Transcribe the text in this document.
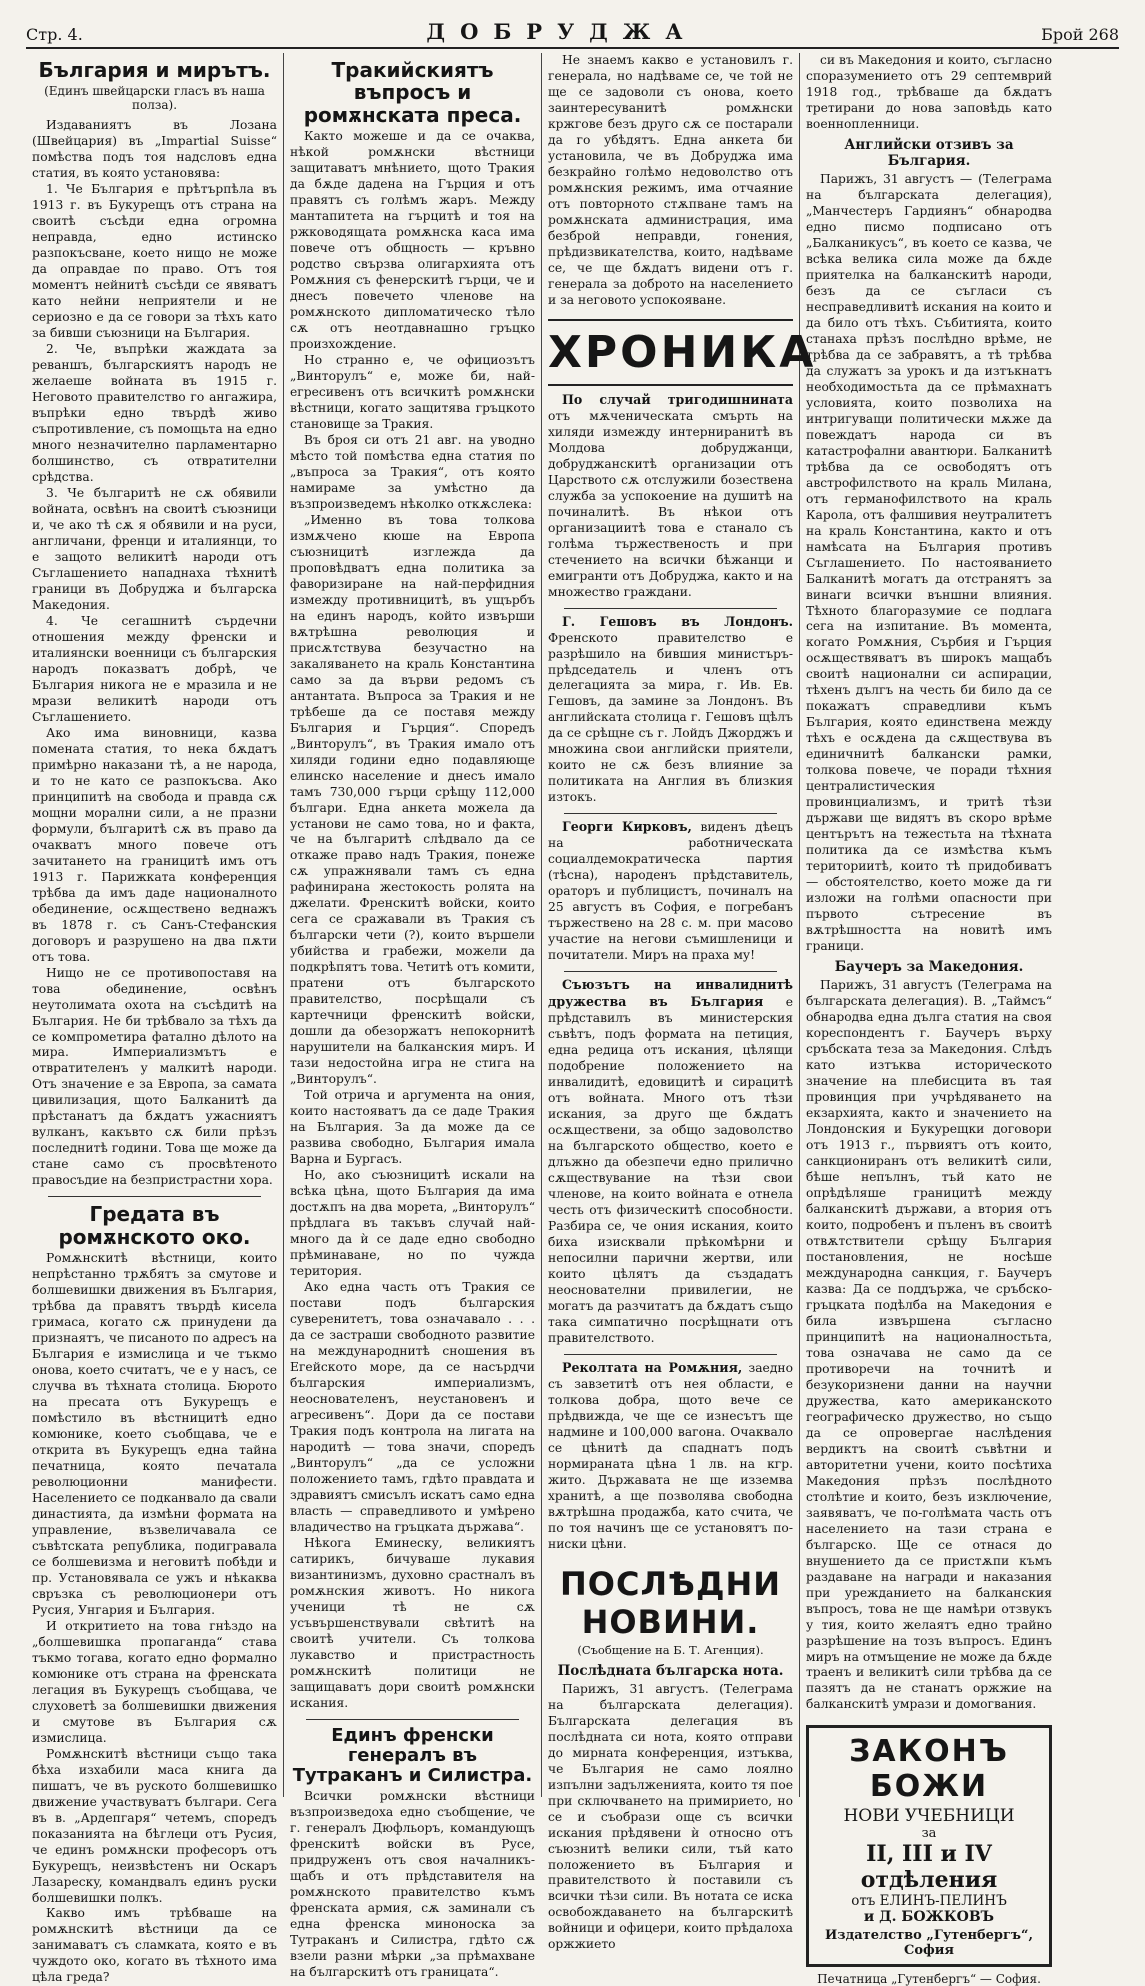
Стр. 4.	ДОБРУДЖА	Брой 268
България и мирътъ.
(Единъ швейцарски гласъ въ наша полза).

Издаваниятъ въ Лозана (Швейцария) въ „Impartial Suisse“ помѣства подъ тоя надсловъ една статия, въ която установява:

1. Че България е прѣтърпѣла въ 1913 г. въ Букурещъ отъ страна на своитѣ съсѣди една огромна неправда, едно истинско разпокъсване, което нищо не може да оправдае по право. Отъ тоя моментъ нейнитѣ съсѣди се явяватъ като нейни неприятели и не сериозно е да се говори за тѣхъ като за бивши съюзници на България.

2. Че, въпрѣки жаждата за реваншъ, българскиятъ народъ не желаеше войната въ 1915 г. Неговото правителство го ангажира, въпрѣки едно твърдѣ живо съпротивление, съ помощьта на едно много незначително парламентарно болшинство, съ отвратителни срѣдства.

3. Че българитѣ не сѫ обявили войната, освѣнъ на своитѣ съюзници и, че ако тѣ сѫ я обявили и на руси, англичани, френци и италиянци, то е защото великитѣ народи отъ Съглашението нападнаха тѣхнитѣ граници въ Добруджа и българска Македония.

4. Че сегашнитѣ сърдечни отношения между френски и италиянски военници съ българския народъ показватъ добрѣ, че България никога не е мразила и не мрази великитѣ народи отъ Съглашението.

Ако има виновници, казва помената статия, то нека бѫдатъ примѣрно наказани тѣ, а не народа, и то не като се разпокъсва. Ако принципитѣ на свобода и правда сѫ мощни морални сили, а не празни формули, българитѣ сѫ въ право да очакватъ много повече отъ зачитането на границитѣ имъ отъ 1913 г. Парижката конференция трѣбва да имъ даде националното обединение, осѫществено веднажъ въ 1878 г. съ Санъ-Стефанския договоръ и разрушено на два пѫти отъ това.

Нищо не се противопоставя на това обединение, освѣнъ неутолимата охота на съсѣдитѣ на България. Не би трѣбвало за тѣхъ да се компрометира фатално дѣлото на мира. Империализмътъ е отвратителенъ у малкитѣ народи. Отъ значение е за Европа, за самата цивилизация, щото Балканитѣ да прѣстанатъ да бѫдатъ ужасниятъ вулканъ, какъвто сѫ били прѣзъ последнитѣ години. Това ще може да стане само съ просвѣтеното правосъдие на безпристрастни хора.

Гредата въ ромѫнското око.

Ромѫнскитѣ вѣстници, които непрѣстанно трѫбятъ за смутове и болшевишки движения въ България, трѣбва да правятъ твърдѣ кисела гримаса, когато сѫ принудени да признаятъ, че писаното по адресъ на България е измислица и че тъкмо онова, което считатъ, че е у насъ, се случва въ тѣхната столица. Бюрото на пресата отъ Букурещъ е помѣстило въ вѣстницитѣ едно комюнике, което съобщава, че е открита въ Букурещъ една тайна печатница, която печатала революционни манифести. Населението се подканвало да свали династията, да измѣни формата на управление, възвеличавала се съвѣтската република, подигравала се болшевизма и неговитѣ побѣди и пр. Установявала се ужъ и нѣкаква свръзка съ революционери отъ Русия, Унгария и България.

И откритието на това гнѣздо на „болшевишка пропаганда“ става тъкмо тогава, когато едно формално комюнике отъ страна на френската легация въ Букурещъ съобщава, че слуховетѣ за болшевишки движения и смутове въ България сѫ измислица.

Ромѫнскитѣ вѣстници също така бѣха изхабили маса книга да пишатъ, че въ руското болшевишко движение участвуватъ българи. Сега въ в. „Ардепгаря“ четемъ, споредъ показанията на бѣглеци отъ Русия, че единъ ромѫнски професоръ отъ Букурещъ, неизвѣстенъ ни Оскаръ Лазарескy, командвалъ единъ руски болшевишки полкъ.

Какво имъ трѣбваше на ромѫнскитѣ вѣстници да се занимаватъ съ сламката, която е въ чуждото око, когато въ тѣхното има цѣла греда?

Тракийскиятъ въпросъ и ромѫнската преса.

Както можеше и да се очаква, нѣкой ромѫнски вѣстници защитаватъ мнѣнието, щото Тракия да бѫде дадена на Гърция и отъ правятъ съ голѣмъ жаръ. Между мантапитета на гърцитѣ и тоя на ржководящата ромѫнска каса има повече отъ общность — кръвно родство свързва олигархията отъ Ромѫния съ фенерскитѣ гърци, че и днесъ повечето членове на ромѫнското дипломатическо тѣло сѫ отъ неотдавнашно гръцко произхождение.

Но странно е, че официозътъ „Винторулъ“ е, може би, най-егресивенъ отъ всичкитѣ ромѫнски вѣстници, когато защитява гръцкото становище за Тракия.

Въ броя си отъ 21 авг. на уводно мѣсто той помѣства една статия по „въпроса за Тракия“, отъ която намираме за умѣстно да възпроизведемъ нѣколко откѫслека:

„Именно въ това толкова измѫчено кюше на Европа съюзницитѣ изглежда да проповѣдватъ една политика за фаворизиране на най-перфидния измежду противницитѣ, въ ущърбъ на единъ народъ, който извърши вѫтрѣшна революция и присѫтствува безучастно на закаляването на краль Константина само за да върви редомъ съ антантата. Въпроса за Тракия и не трѣбеше да се поставя между България и Гърция“. Споредъ „Винторулъ“, въ Тракия имало отъ хиляди години едно подавляюще елинско население и днесъ имало тамъ 730,000 гърци срѣщу 112,000 българи. Една анкета можела да установи не само това, но и факта, че на българитѣ слѣдвало да се откаже право надъ Тракия, понеже сѫ упражнявали тамъ съ една рафинирана жестокость ролята на джелати. Френскитѣ войски, които сега се сражавали въ Тракия съ български чети (?), които вършели убийства и грабежи, можели да подкрѣпятъ това. Четитѣ отъ комити, пратени отъ българското правителство, посрѣщали съ картечници френскитѣ войски, дошли да обезоржатъ непокорнитѣ нарушители на балканския миръ. И тази недостойна игра не стига на „Винторулъ“.

Той отрича и аргумента на ония, които настояватъ да се даде Тракия на България. За да може да се развива свободно, България имала Варна и Бургасъ.

Но, ако съюзницитѣ искали на всѣка цѣна, щото България да има достѫпъ на два морета, „Винторулъ“ прѣдлага въ такъвъ случай най-много да ѝ се даде едно свободно прѣминаване, но по чужда територия.

Ако една часть отъ Тракия се постави подъ българския суверенитетъ, това означавало . . . да се застраши свободното развитие на международнитѣ сношения въ Егейското море, да се насърдчи българския империализмъ, неоснователенъ, неустановенъ и агресивенъ“. Дори да се постави Тракия подъ контрола на лигата на народитѣ — това значи, споредъ „Винторулъ“ „да се усложни положението тамъ, гдѣто правдата и здравиятъ смисълъ искатъ само една власть — справедливото и умѣрено владичество на гръцката държава“.

Нѣкога Еминеску, великиятъ сатирикъ, бичуваше лукавия византинизмъ, духовно срастналъ въ ромѫнския животъ. Но никога ученици тѣ не сѫ усъвършенствували свѣтитѣ на своитѣ учители. Съ толкова лукавство и пристрастность ромѫнскитѣ политици не защищаватъ дори своитѣ ромѫнски искания.

Единъ френски генералъ въ Тутраканъ и Силистра.

Всички ромѫнски вѣстници възпроизведоха едно съобщение, че г. генералъ Дюфльоръ, командующъ френскитѣ войски въ Русе, придруженъ отъ своя началникъ-щабъ и отъ прѣдставителя на ромѫнското правителство къмъ френската армия, сѫ заминали съ една френска миноноска за Тутраканъ и Силистра, гдѣто сѫ взели разни мѣрки „за прѣмахване на българскитѣ отъ границата“.

Не знаемъ какво е установилъ г. генерала, но надѣваме се, че той не ще се задоволи съ онова, което заинтересуванитѣ ромѫнски кржгове безъ друго сѫ се постарали да го убѣдятъ. Една анкета би установила, че въ Добруджа има безкрайно голѣмо недоволство отъ ромѫнския режимъ, има отчаяние отъ повторното стѫпване тамъ на ромѫнската администрация, има безброй неправди, гонения, прѣдизвикателства, които, надѣваме се, че ще бѫдатъ видени отъ г. генерала за доброто на населението и за неговото успокояване.

ХРОНИКА

По случай тригодишнината отъ мѫченическата смърть на хиляди измежду интерниранитѣ въ Молдова добруджанци, добруджанскитѣ организации отъ Царството сѫ отслужили бозествена служба за успокоение на душитѣ на починалитѣ. Въ нѣкои отъ организациитѣ това е станало съ голѣма тържественость и при стечението на всички бѣжанци и емигранти отъ Добруджа, както и на множество граждани.

Г. Гешовъ въ Лондонъ. Френското правителство е разрѣшило на бившия министъръ-прѣдседатель и членъ отъ делегацията за мира, г. Ив. Ев. Гешовъ, да замине за Лондонъ. Въ английската столица г. Гешовъ щѣлъ да се срѣщне съ г. Лойдъ Джорджъ и множина свои английски приятели, които не сѫ безъ влияние за политиката на Англия въ близкия изтокъ.

Георги Кирковъ, виденъ дѣецъ на работническата социалдемократическа партия (тѣсна), народенъ прѣдставитель, ораторъ и публицистъ, починалъ на 25 августъ въ София, е погребанъ тържествено на 28 с. м. при масово участие на негови съмишленици и почитатели. Миръ на праха му!

Съюзътъ на инвалиднитѣ дружества въ България е прѣдставилъ въ министерския съвѣтъ, подъ формата на петиция, една редица отъ искания, цѣлящи подобрение положението на инвалидитѣ, едовицитѣ и сирацитѣ отъ войната. Много отъ тѣзи искания, за друго ще бѫдатъ осѫществени, за общо задоволство на българското общество, което е длъжно да обезпечи едно прилично сѫществувание на тѣзи свои членове, на които войната е отнела честь отъ физическитѣ способности. Разбира се, че ония искания, които биха изисквали прѣкомѣрни и непосилни парични жертви, или които цѣлятъ да създадатъ неоснователни привилегии, не могатъ да разчитатъ да бѫдатъ също така симпатично посрѣщнати отъ правителството.

Реколтата на Ромѫния, заедно съ завзетитѣ отъ нея области, е толкова добра, щото вече се прѣдвижда, че ще се изнесътъ ще надмине и 100,000 вагона. Очаквало се цѣнитѣ да спаднатъ подъ нормираната цѣна 1 лв. на кгр. жито. Държавата не ще изземва хранитѣ, а ще позволява свободна вѫтрѣшна продажба, като счита, че по тоя начинъ ще се установятъ по-ниски цѣни.

ПОСЛѢДНИ НОВИНИ.
(Съобщение на Б. Т. Агенция).
Послѣдната българска нота.

Парижъ, 31 августъ. (Телеграма на българската делегация). Българската делегация въ послѣдната си нота, която отправи до мирната конференция, изтъква, че България не само лоялно изпълни задълженията, които тя пое при сключването на примирието, но се и съобрази още съ всички искания прѣдявени ѝ относно отъ съюзнитѣ велики сили, тъй като положението въ България и правителството ѝ поставили съ всички тѣзи сили. Въ нотата се иска освобождаването на българскитѣ войници и офицери, които прѣдалоха оржжието

си въ Македония и които, съгласно споразумението отъ 29 септемврий 1918 год., трѣбваше да бѫдатъ третирани до нова заповѣдь като военнопленници.

Английски отзивъ за България.

Парижъ, 31 августъ — (Телеграма на българската делегация), „Манчестеръ Гардиянъ“ обнародва едно писмо подписано отъ „Балканикусъ“, въ което се казва, че всѣка велика сила може да бѫде приятелка на балканскитѣ народи, безъ да се съгласи съ несправедливитѣ искания на които и да било отъ тѣхъ. Събитията, които станаха прѣзъ послѣдно врѣме, не трѣбва да се забравятъ, а тѣ трѣбва да служатъ за урокъ и да изтъкнатъ необходимостьта да се прѣмахнатъ условията, които позволиха на интригуващи политически мѫже да повеждатъ народа си въ катастрофални авантюри. Балканитѣ трѣбва да се освободятъ отъ австрофилството на краль Милана, отъ германофилството на краль Карола, отъ фалшивия неутралитетъ на краль Константина, както и отъ намѣсата на България противъ Съглашението. По настояванието Балканитѣ могатъ да отстранятъ за винаги всички външни влияния. Тѣхното благоразумие се подлага сега на изпитание. Въ момента, когато Ромѫния, Сърбия и Гърция осѫществяватъ въ широкъ мащабъ своитѣ национални си аспирации, тѣхенъ дългъ на честь би било да се покажатъ справедливи къмъ България, която единствена между тѣхъ е осѫдена да сѫществува въ единичнитѣ балкански рамки, толкова повече, че поради тѣхния централистическия провинциализмъ, и тритѣ тѣзи държави ще видятъ въ скоро врѣме центърътъ на тежестьта на тѣхната политика да се измѣства къмъ териториитѣ, които тѣ придобиватъ — обстоятелство, което може да ги изложи на голѣми опасности при първото сътресение въ вѫтрѣшността на новитѣ имъ граници.

Баучеръ за Македония.

Парижъ, 31 августъ (Телеграма на българската делегация). В. „Таймсъ“ обнародва една дълга статия на своя кореспондентъ г. Баучеръ върху сръбската теза за Македония. Слѣдъ като изтъква историческото значение на плебисцита въ тая провинция при учрѣдяването на екзархията, както и значението на Лондонския и Букурещки договори отъ 1913 г., първиятъ отъ които, санкциониранъ отъ великитѣ сили, бѣше непълнъ, тъй като не опрѣдѣляше границитѣ между балканскитѣ държави, а втория отъ които, подробенъ и пъленъ въ своитѣ отвѫтствители срѣщу България постановления, не носѣше международна санкция, г. Баучеръ казва: Да се поддържа, че сръбско-гръцката подѣлба на Македония е била извършена съгласно принципитѣ на националностьта, това означава не само да се противоречи на точнитѣ и безукоризнени данни на научни дружества, като американското географическо дружество, но също да се опровергае наслѣдения вердиктъ на своитѣ съвѣтни и авторитетни учени, които посѣтиха Македония прѣзъ послѣдното столѣтие и които, безъ изключение, заявяватъ, че по-голѣмата часть отъ населението на тази страна е българско. Ще се отнася до внушението да се пристѫпи къмъ раздаване на награди и наказания при урежданието на балканския въпросъ, това не ще намѣри отзвукъ у тия, които желаятъ едно трайно разрѣшение на тозъ въпросъ. Единъ миръ на отмъщение не може да бѫде траенъ и великитѣ сили трѣбва да се пазятъ да не станатъ оржжие на балканскитѣ умрази и домогвания.

ЗАКОНЪ БОЖИ
НОВИ УЧЕБНИЦИ
за
II, III и IV отдѣления
отъ ЕЛИНЪ-ПЕЛИНЪ
и Д. БОЖКОВЪ
Издателство „Гутенбергъ“, София
Печатница „Гутенбергъ“ — София.
